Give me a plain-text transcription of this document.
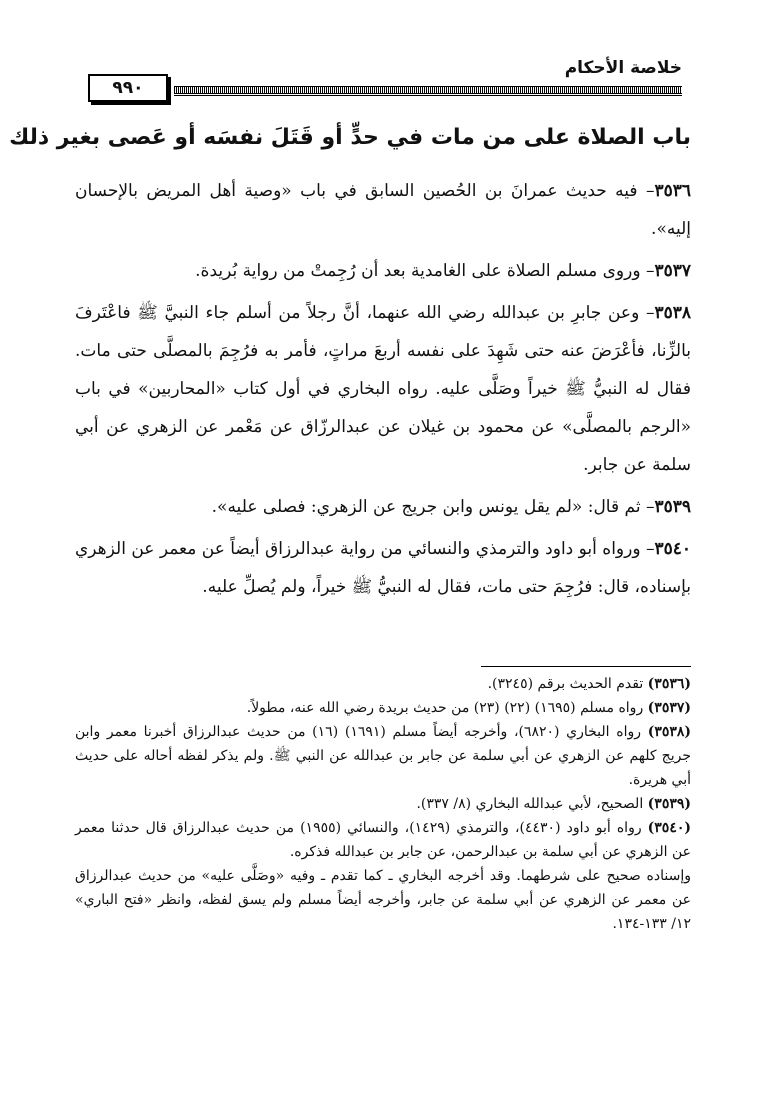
خلاصة الأحكام
٩٩٠
باب الصلاة على من مات في حدٍّ أو قَتَلَ نفسَه أو عَصى بغير ذلك

٣٥٣٦– فيه حديث عمرانَ بن الحُصين السابق في باب «وصية أهل المريض بالإحسان إليه».

٣٥٣٧– وروى مسلم الصلاة على الغامدية بعد أن رُجِمتْ من رواية بُريدة.

٣٥٣٨– وعن جابرِ بن عبدالله رضي الله عنهما، أنَّ رجلاً من أسلم جاء النبيَّ ﷺ فاعْتَرفَ بالزِّنا، فأعْرَضَ عنه حتى شَهِدَ على نفسه أربعَ مراتٍ، فأمر به فرُجِمَ بالمصلَّى حتى مات. فقال له النبيُّ ﷺ خيراً وصَلَّى عليه. رواه البخاري في أول كتاب «المحاربين» في باب «الرجم بالمصلَّى» عن محمود بن غيلان عن عبدالرزّاق عن مَعْمر عن الزهري عن أبي سلمة عن جابر.

٣٥٣٩– ثم قال: «لم يقل يونس وابن جريج عن الزهري: فصلى عليه».

٣٥٤٠– ورواه أبو داود والترمذي والنسائي من رواية عبدالرزاق أيضاً عن معمر عن الزهري بإسناده، قال: فرُجِمَ حتى مات، فقال له النبيُّ ﷺ خيراً، ولم يُصلِّ عليه.

(٣٥٣٦) تقدم الحديث برقم (٣٢٤٥).

(٣٥٣٧) رواه مسلم (١٦٩٥) (٢٢) (٢٣) من حديث بريدة رضي الله عنه، مطولاً.

(٣٥٣٨) رواه البخاري (٦٨٢٠)، وأخرجه أيضاً مسلم (١٦٩١) (١٦) من حديث عبدالرزاق أخبرنا معمر وابن جريج كلهم عن الزهري عن أبي سلمة عن جابر بن عبدالله عن النبي ﷺ. ولم يذكر لفظه أحاله على حديث أبي هريرة.

(٣٥٣٩) الصحيح، لأبي عبدالله البخاري (٨/ ٣٣٧).

(٣٥٤٠) رواه أبو داود (٤٤٣٠)، والترمذي (١٤٢٩)، والنسائي (١٩٥٥) من حديث عبدالرزاق قال حدثنا معمر عن الزهري عن أبي سلمة بن عبدالرحمن، عن جابر بن عبدالله فذكره.

وإسناده صحيح على شرطهما. وقد أخرجه البخاري ـ كما تقدم ـ وفيه «وصَلَّى عليه» من حديث عبدالرزاق عن معمر عن الزهري عن أبي سلمة عن جابر، وأخرجه أيضاً مسلم ولم يسق لفظه، وانظر «فتح الباري» ١٢/ ١٣٣-١٣٤.
